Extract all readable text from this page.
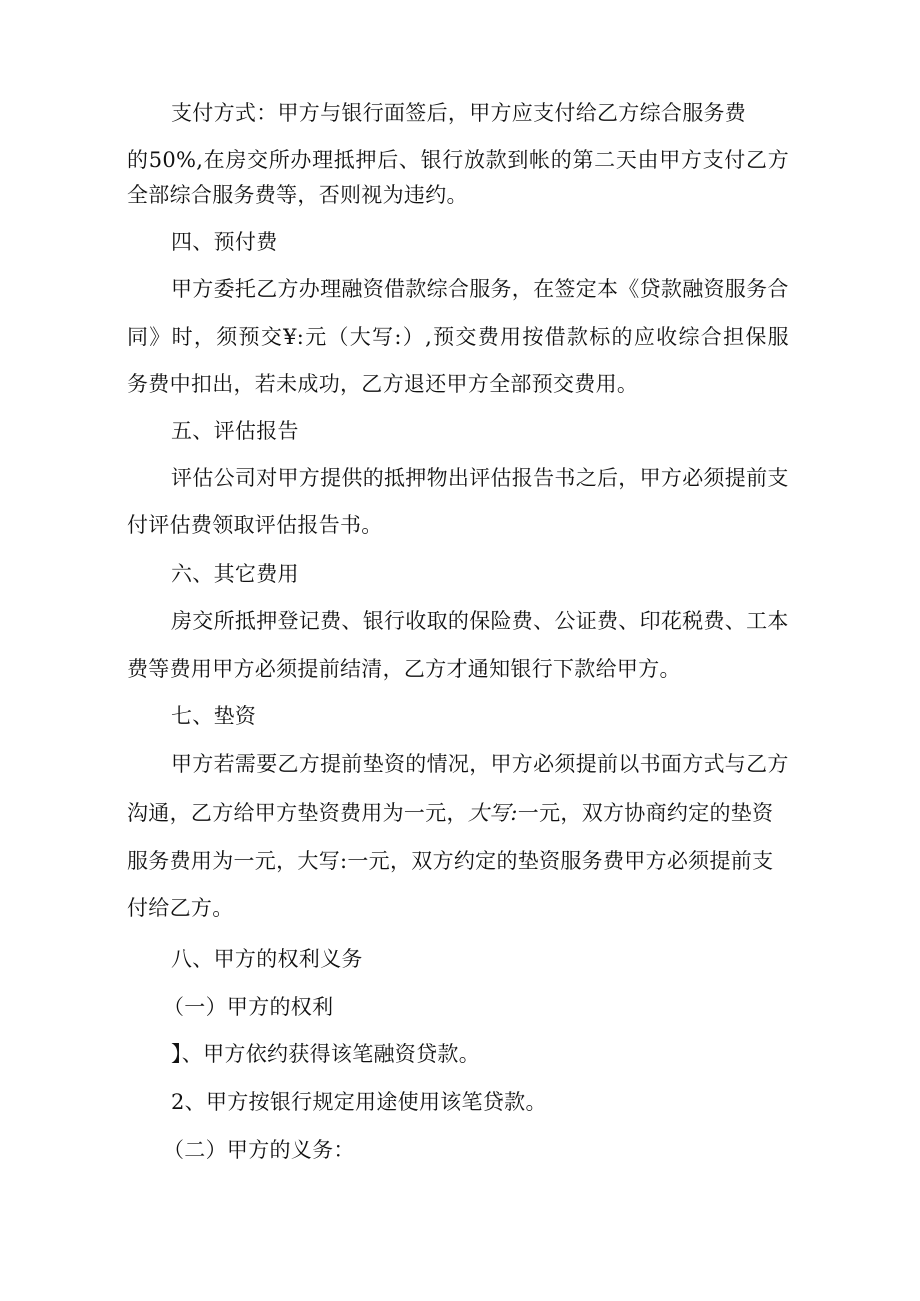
支付方式：甲方与银行面签后，甲方应支付给乙方综合服务费
的50%,在房交所办理抵押后、银行放款到帐的第二天由甲方支付乙方
全部综合服务费等，否则视为违约。
四、预付费
甲方委托乙方办理融资借款综合服务，在签定本《贷款融资服务合
同》时，须预交¥:元（大写:）,预交费用按借款标的应收综合担保服
务费中扣出，若未成功，乙方退还甲方全部预交费用。
五、评估报告
评估公司对甲方提供的抵押物出评估报告书之后，甲方必须提前支
付评估费领取评估报告书。
六、其它费用
房交所抵押登记费、银行收取的保险费、公证费、印花税费、工本
费等费用甲方必须提前结清，乙方才通知银行下款给甲方。
七、垫资
甲方若需要乙方提前垫资的情况，甲方必须提前以书面方式与乙方
沟通，乙方给甲方垫资费用为一元，大写:一元，双方协商约定的垫资
服务费用为一元，大写:一元，双方约定的垫资服务费甲方必须提前支
付给乙方。
八、甲方的权利义务
（一）甲方的权利
】、甲方依约获得该笔融资贷款。
2、甲方按银行规定用途使用该笔贷款。
（二）甲方的义务：
